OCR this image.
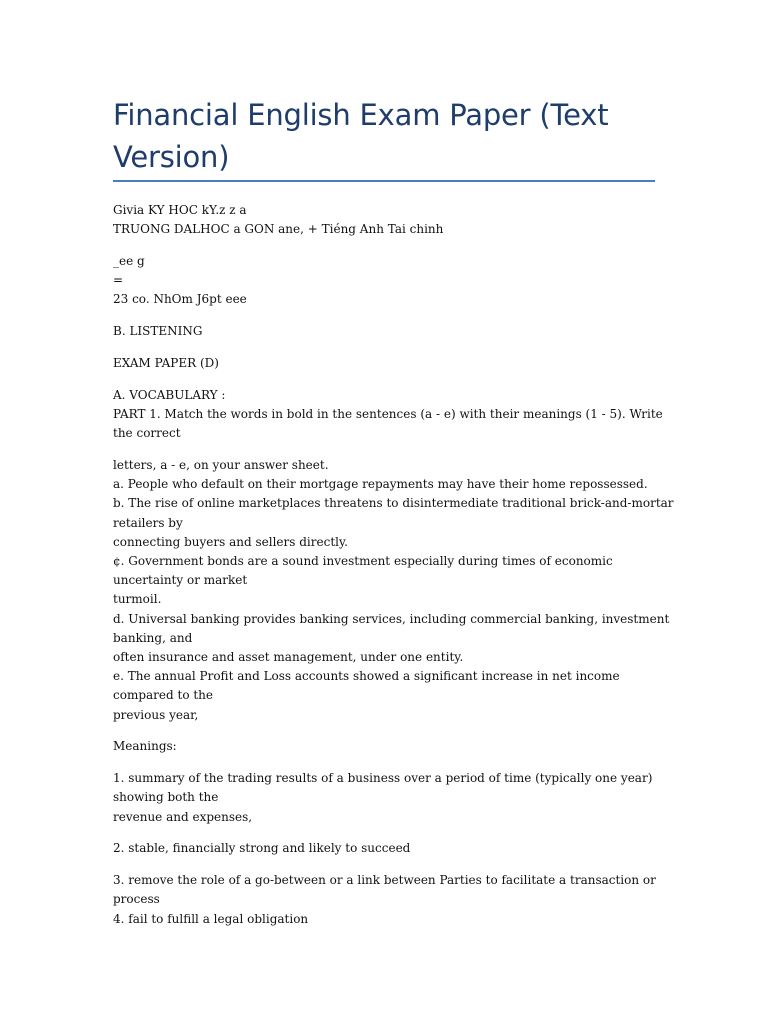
Financial English Exam Paper (Text
Version)

Givia KY HOC kY.z z a
TRUONG DALHOC a GON ane, + Tiéng Anh Tai chinh

_ee g
=
23 co. NhOm J6pt eee

B. LISTENING

EXAM PAPER (D)

A. VOCABULARY :
PART 1. Match the words in bold in the sentences (a - e) with their meanings (1 - 5). Write
the correct

letters, a - e, on your answer sheet.
a. People who default on their mortgage repayments may have their home repossessed.
b. The rise of online marketplaces threatens to disintermediate traditional brick-and-mortar
retailers by
connecting buyers and sellers directly.
¢. Government bonds are a sound investment especially during times of economic
uncertainty or market
turmoil.
d. Universal banking provides banking services, including commercial banking, investment
banking, and
often insurance and asset management, under one entity.
e. The annual Profit and Loss accounts showed a significant increase in net income
compared to the
previous year,

Meanings:

1. summary of the trading results of a business over a period of time (typically one year)
showing both the
revenue and expenses,

2. stable, financially strong and likely to succeed

3. remove the role of a go-between or a link between Parties to facilitate a transaction or
process
4. fail to fulfill a legal obligation
